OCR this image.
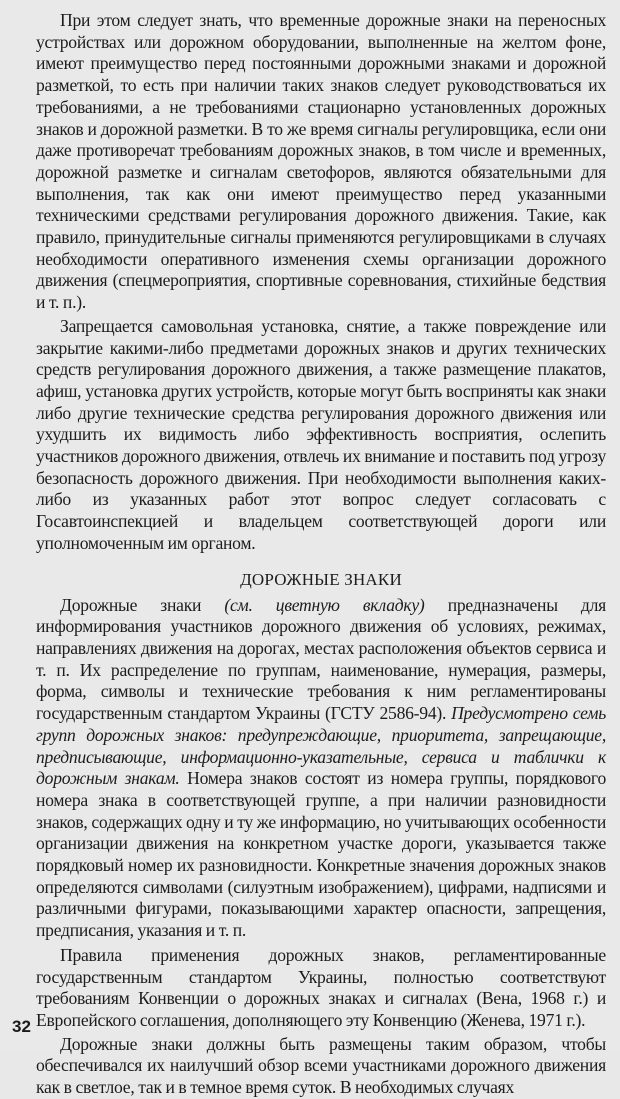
При этом следует знать, что временные дорожные знаки на переносных устройствах или дорожном оборудовании, выполненные на желтом фоне, имеют преимущество перед постоянными дорожными знаками и дорожной разметкой, то есть при наличии таких знаков следует руководствоваться их требованиями, а не требованиями стационарно установленных дорожных знаков и дорожной разметки. В то же время сигналы регулировщика, если они даже противоречат требованиям дорожных знаков, в том числе и временных, дорожной разметке и сигналам светофоров, являются обязательными для выполнения, так как они имеют преимущество перед указанными техническими средствами регулирования дорожного движения. Такие, как правило, принудительные сигналы применяются регулировщиками в случаях необходимости оперативного изменения схемы организации дорожного движения (спецмероприятия, спортивные соревнования, стихийные бедствия и т. п.).

Запрещается самовольная установка, снятие, а также повреждение или закрытие какими-либо предметами дорожных знаков и других технических средств регулирования дорожного движения, а также размещение плакатов, афиш, установка других устройств, которые могут быть восприняты как знаки либо другие технические средства регулирования дорожного движения или ухудшить их видимость либо эффективность восприятия, ослепить участников дорожного движения, отвлечь их внимание и поставить под угрозу безопасность дорожного движения. При необходимости выполнения каких-либо из указанных работ этот вопрос следует согласовать с Госавтоинспекцией и владельцем соответствующей дороги или уполномоченным им органом.

ДОРОЖНЫЕ ЗНАКИ

Дорожные знаки (см. цветную вкладку) предназначены для информирования участников дорожного движения об условиях, режимах, направлениях движения на дорогах, местах расположения объектов сервиса и т. п. Их распределение по группам, наименование, нумерация, размеры, форма, символы и технические требования к ним регламентированы государственным стандартом Украины (ГСТУ 2586-94). Предусмотрено семь групп дорожных знаков: предупреждающие, приоритета, запрещающие, предписывающие, информационно-указательные, сервиса и таблички к дорожным знакам. Номера знаков состоят из номера группы, порядкового номера знака в соответствующей группе, а при наличии разновидности знаков, содержащих одну и ту же информацию, но учитывающих особенности организации движения на конкретном участке дороги, указывается также порядковый номер их разновидности. Конкретные значения дорожных знаков определяются символами (силуэтным изображением), цифрами, надписями и различными фигурами, показывающими характер опасности, запрещения, предписания, указания и т. п.

Правила применения дорожных знаков, регламентированные государственным стандартом Украины, полностью соответствуют требованиям Конвенции о дорожных знаках и сигналах (Вена, 1968 г.) и Европейского соглашения, дополняющего эту Конвенцию (Женева, 1971 г.).

Дорожные знаки должны быть размещены таким образом, чтобы обеспечивался их наилучший обзор всеми участниками дорожного движения как в светлое, так и в темное время суток. В необходимых случаях

32
